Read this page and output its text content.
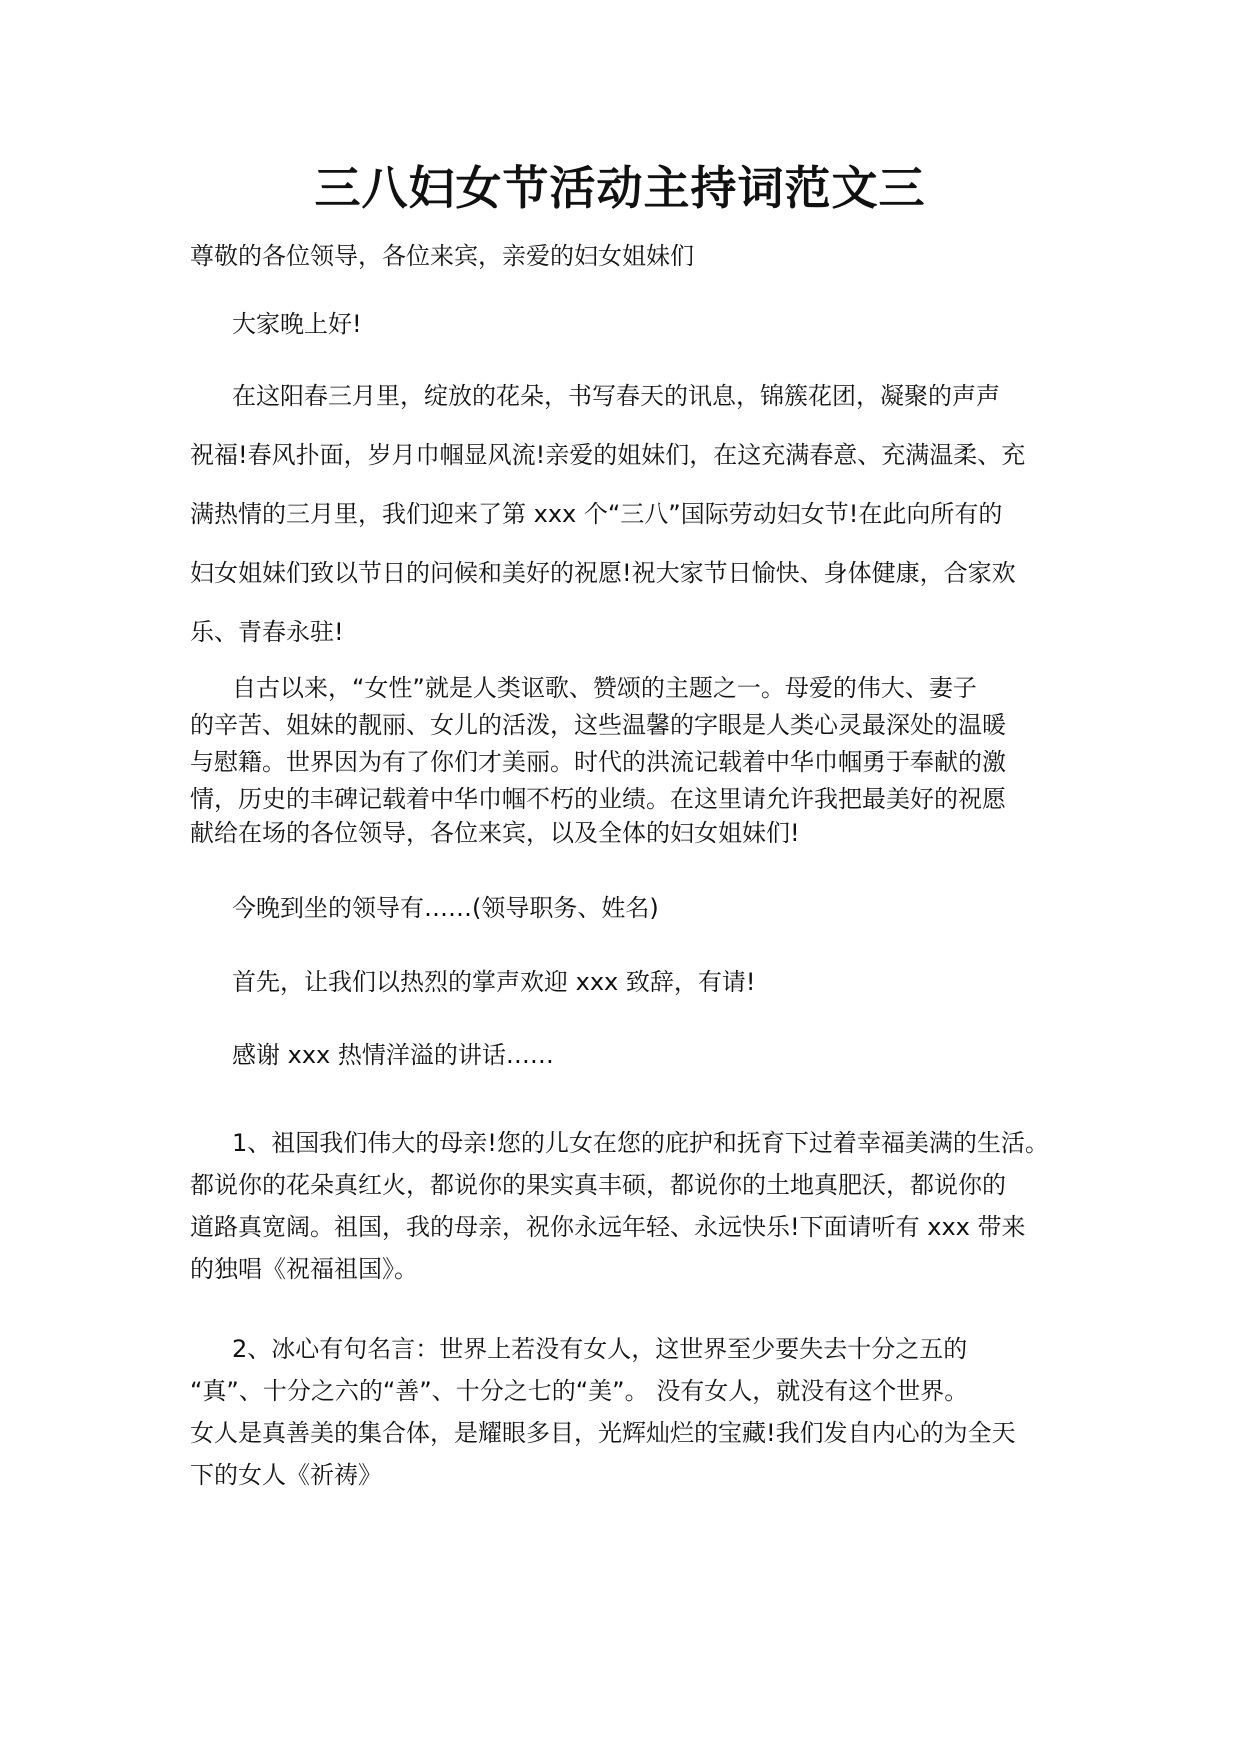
三八妇女节活动主持词范文三

尊敬的各位领导，各位来宾，亲爱的妇女姐妹们

大家晚上好!

在这阳春三月里，绽放的花朵，书写春天的讯息，锦簇花团，凝聚的声声
祝福!春风扑面，岁月巾帼显风流!亲爱的姐妹们，在这充满春意、充满温柔、充
满热情的三月里，我们迎来了第 xxx 个“三八”国际劳动妇女节!在此向所有的
妇女姐妹们致以节日的问候和美好的祝愿!祝大家节日愉快、身体健康，合家欢
乐、青春永驻!

自古以来，“女性”就是人类讴歌、赞颂的主题之一。母爱的伟大、妻子
的辛苦、姐妹的靓丽、女儿的活泼，这些温馨的字眼是人类心灵最深处的温暖
与慰籍。世界因为有了你们才美丽。时代的洪流记载着中华巾帼勇于奉献的激
情，历史的丰碑记载着中华巾帼不朽的业绩。在这里请允许我把最美好的祝愿

献给在场的各位领导，各位来宾，以及全体的妇女姐妹们!

今晚到坐的领导有……(领导职务、姓名)

首先，让我们以热烈的掌声欢迎 xxx 致辞，有请!

感谢 xxx 热情洋溢的讲话……

1、祖国我们伟大的母亲!您的儿女在您的庇护和抚育下过着幸福美满的生活。
都说你的花朵真红火，都说你的果实真丰硕，都说你的土地真肥沃，都说你的
道路真宽阔。祖国，我的母亲，祝你永远年轻、永远快乐!下面请听有 xxx 带来
的独唱《祝福祖国》。

2、冰心有句名言：世界上若没有女人，这世界至少要失去十分之五的
“真”、十分之六的“善”、十分之七的“美”。 没有女人，就没有这个世界。
女人是真善美的集合体，是耀眼多目，光辉灿烂的宝藏!我们发自内心的为全天
下的女人《祈祷》
